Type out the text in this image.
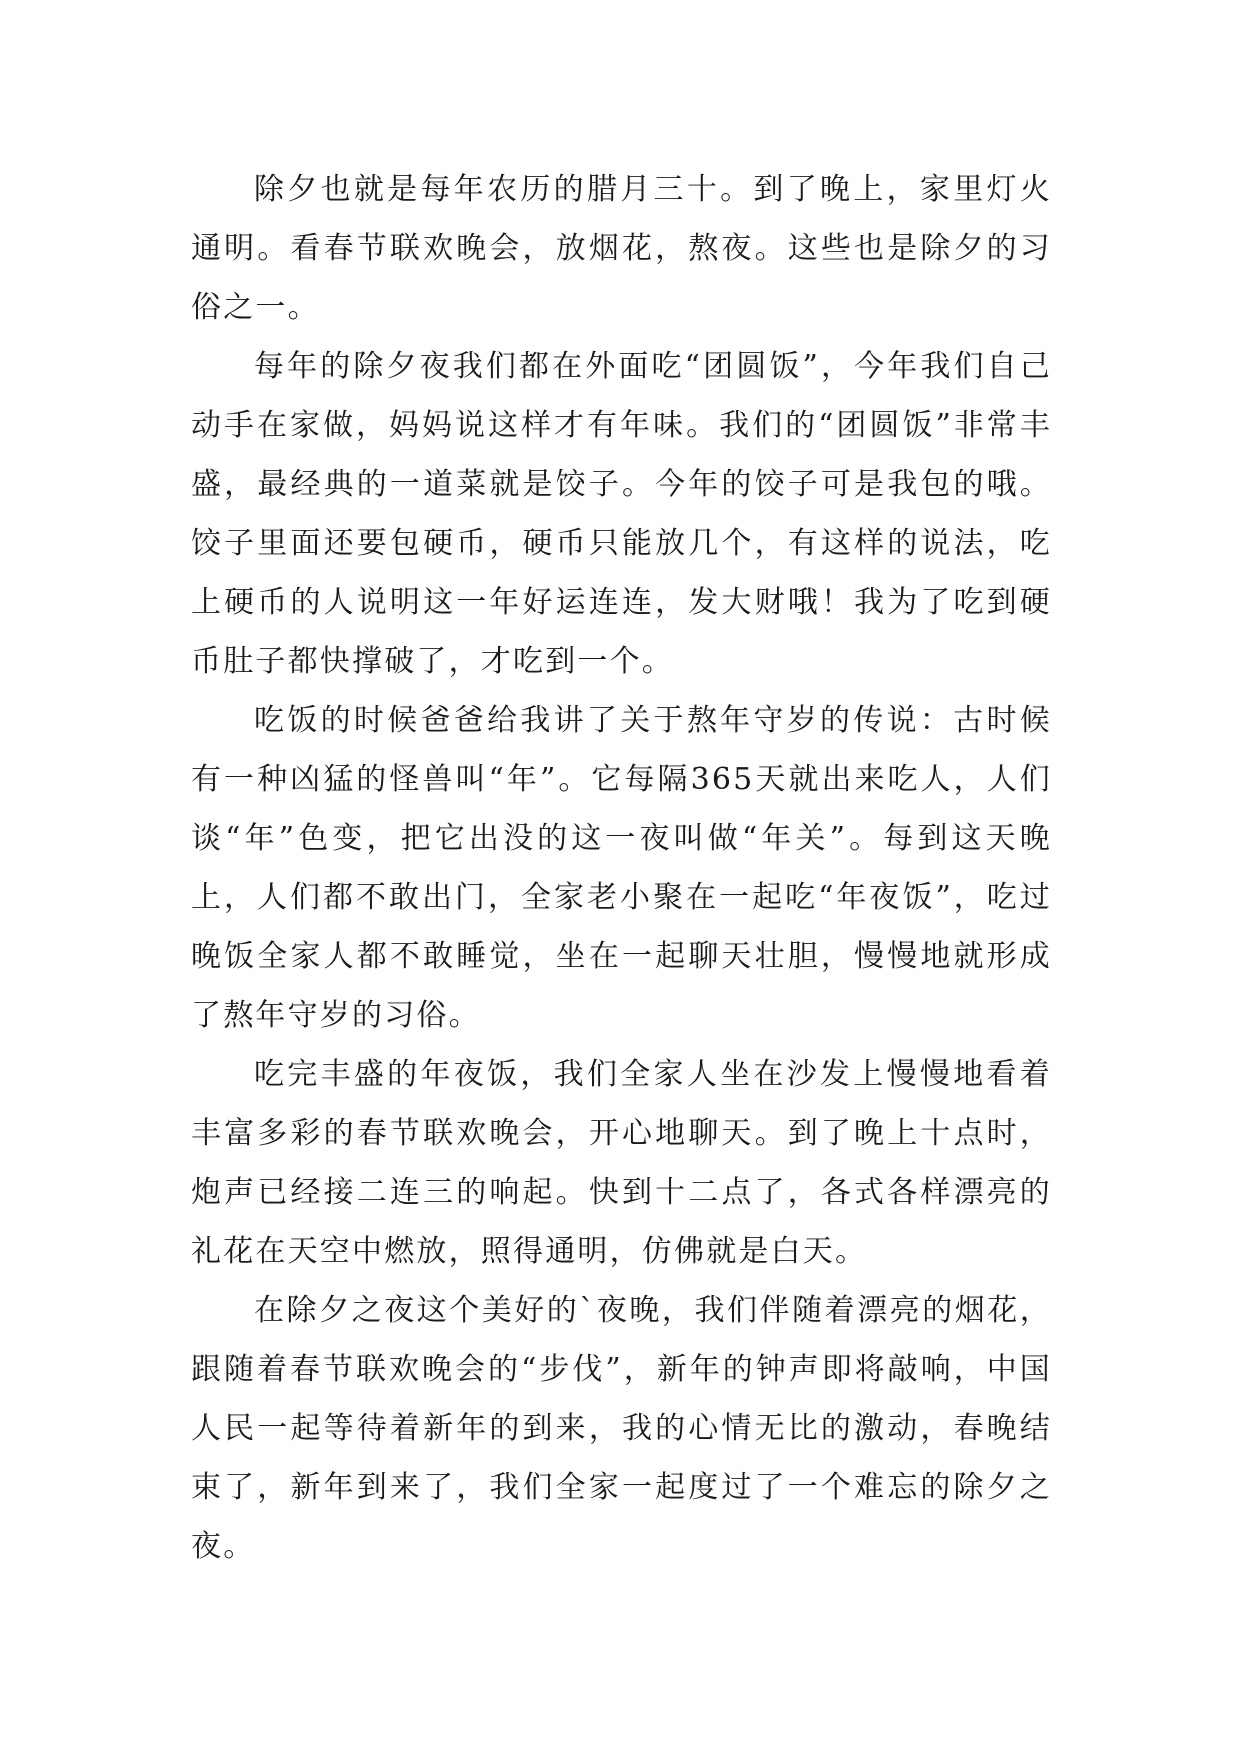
除夕也就是每年农历的腊月三十。到了晚上，家里灯火通明。看春节联欢晚会，放烟花，熬夜。这些也是除夕的习俗之一。

每年的除夕夜我们都在外面吃“团圆饭”，今年我们自己动手在家做，妈妈说这样才有年味。我们的“团圆饭”非常丰盛，最经典的一道菜就是饺子。今年的饺子可是我包的哦。饺子里面还要包硬币，硬币只能放几个，有这样的说法，吃上硬币的人说明这一年好运连连，发大财哦！我为了吃到硬币肚子都快撑破了，才吃到一个。

吃饭的时候爸爸给我讲了关于熬年守岁的传说：古时候有一种凶猛的怪兽叫“年”。它每隔365天就出来吃人，人们谈“年”色变，把它出没的这一夜叫做“年关”。每到这天晚上，人们都不敢出门，全家老小聚在一起吃“年夜饭”，吃过晚饭全家人都不敢睡觉，坐在一起聊天壮胆，慢慢地就形成了熬年守岁的习俗。

吃完丰盛的年夜饭，我们全家人坐在沙发上慢慢地看着丰富多彩的春节联欢晚会，开心地聊天。到了晚上十点时，炮声已经接二连三的响起。快到十二点了，各式各样漂亮的礼花在天空中燃放，照得通明，仿佛就是白天。

在除夕之夜这个美好的`夜晚，我们伴随着漂亮的烟花，跟随着春节联欢晚会的“步伐”，新年的钟声即将敲响，中国人民一起等待着新年的到来，我的心情无比的激动，春晚结束了，新年到来了，我们全家一起度过了一个难忘的除夕之夜。
